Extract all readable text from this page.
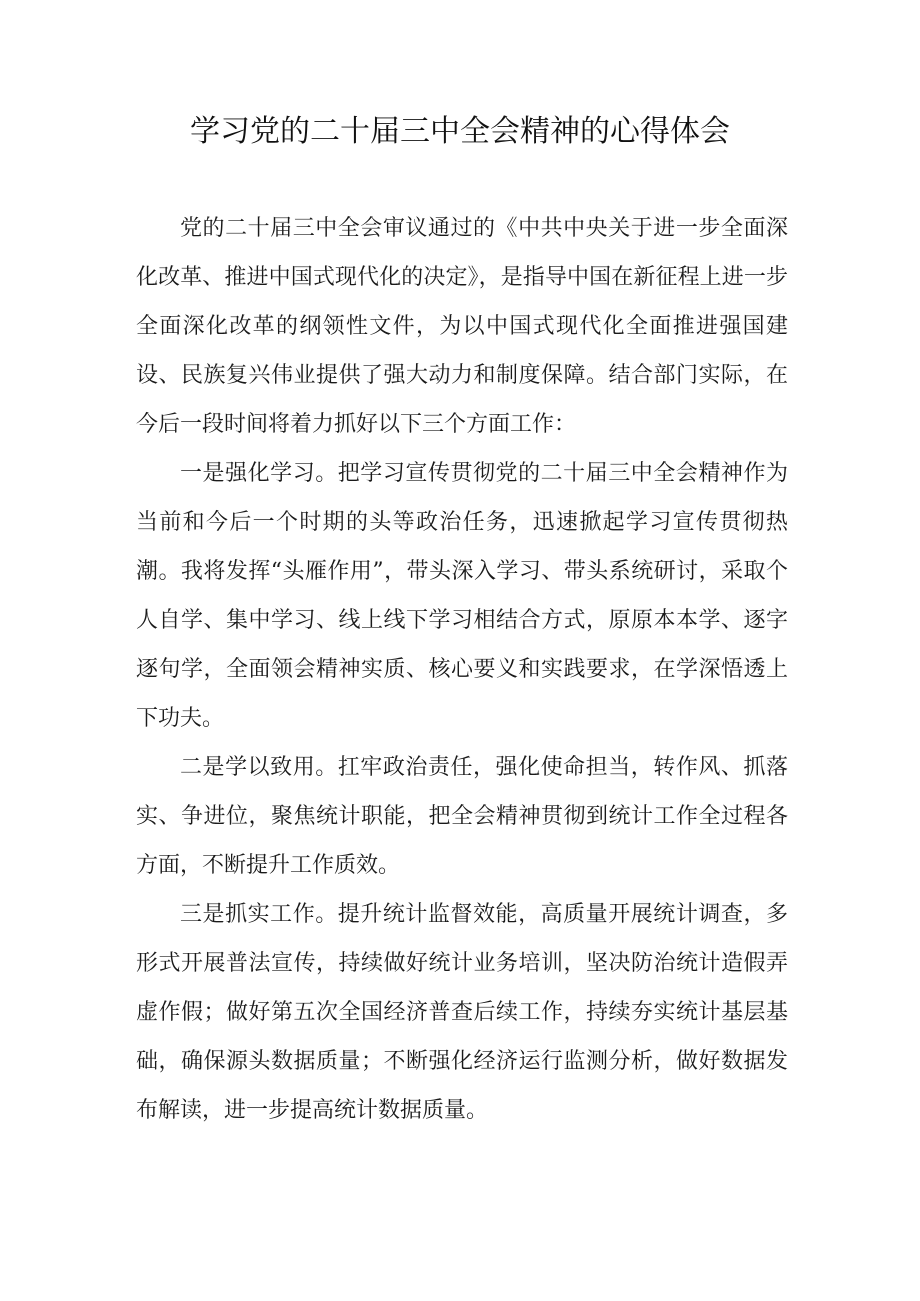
学习党的二十届三中全会精神的心得体会

党的二十届三中全会审议通过的《中共中央关于进一步全面深化改革、推进中国式现代化的决定》，是指导中国在新征程上进一步全面深化改革的纲领性文件，为以中国式现代化全面推进强国建设、民族复兴伟业提供了强大动力和制度保障。结合部门实际，在今后一段时间将着力抓好以下三个方面工作：

一是强化学习。把学习宣传贯彻党的二十届三中全会精神作为当前和今后一个时期的头等政治任务，迅速掀起学习宣传贯彻热潮。我将发挥“头雁作用”，带头深入学习、带头系统研讨，采取个人自学、集中学习、线上线下学习相结合方式，原原本本学、逐字逐句学，全面领会精神实质、核心要义和实践要求，在学深悟透上下功夫。

二是学以致用。扛牢政治责任，强化使命担当，转作风、抓落实、争进位，聚焦统计职能，把全会精神贯彻到统计工作全过程各方面，不断提升工作质效。

三是抓实工作。提升统计监督效能，高质量开展统计调查，多形式开展普法宣传，持续做好统计业务培训，坚决防治统计造假弄虚作假；做好第五次全国经济普查后续工作，持续夯实统计基层基础，确保源头数据质量；不断强化经济运行监测分析，做好数据发布解读，进一步提高统计数据质量。
